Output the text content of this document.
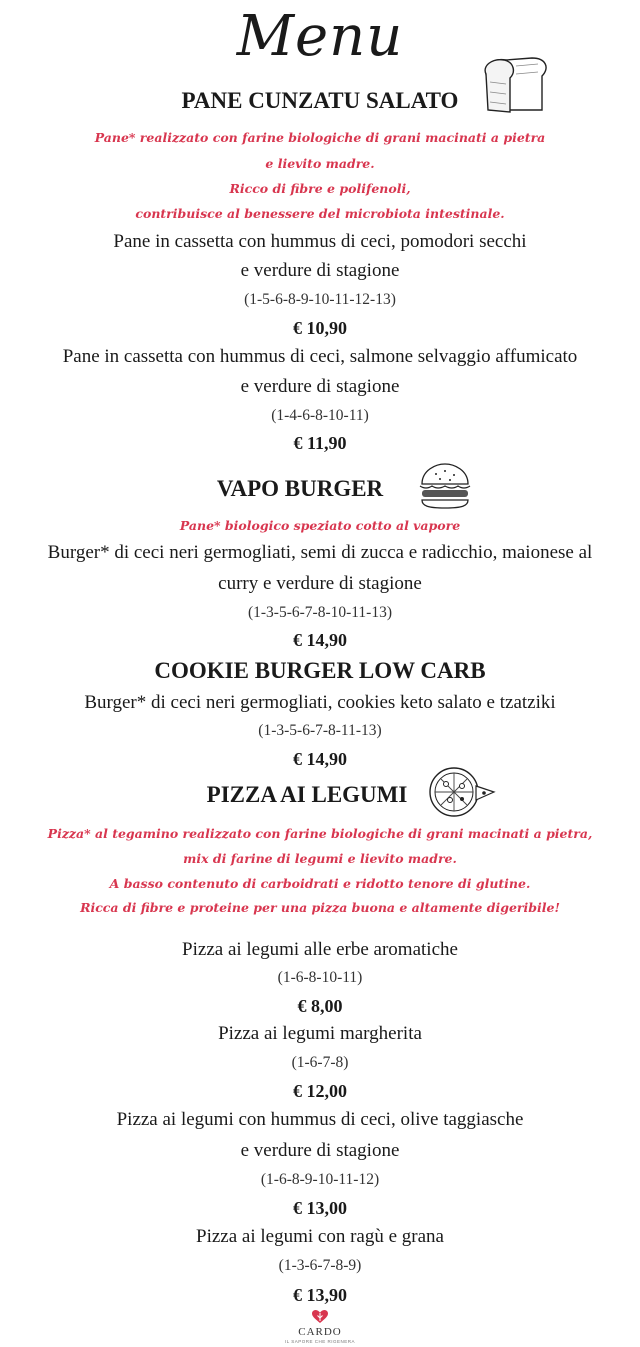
Menu
PANE CUNZATU SALATO
Pane* realizzato con farine biologiche di grani macinati a pietra
e lievito madre.
Ricco di fibre e polifenoli,
contribuisce al benessere del microbiota intestinale.
Pane in cassetta con hummus di ceci, pomodori secchi
e verdure di stagione
(1-5-6-8-9-10-11-12-13)
€ 10,90
Pane in cassetta con hummus di ceci, salmone selvaggio affumicato
e verdure di stagione
(1-4-6-8-10-11)
€ 11,90
VAPO BURGER
Pane* biologico speziato cotto al vapore
Burger* di ceci neri germogliati, semi di zucca e radicchio, maionese al
curry e verdure di stagione
(1-3-5-6-7-8-10-11-13)
€ 14,90
COOKIE BURGER LOW CARB
Burger* di ceci neri germogliati, cookies keto salato e tzatziki
(1-3-5-6-7-8-11-13)
€ 14,90
PIZZA AI LEGUMI
Pizza* al tegamino realizzato con farine biologiche di grani macinati a pietra,
mix di farine di legumi e lievito madre.
A basso contenuto di carboidrati e ridotto tenore di glutine.
Ricca di fibre e proteine per una pizza buona e altamente digeribile!
Pizza ai legumi alle erbe aromatiche
(1-6-8-10-11)
€ 8,00
Pizza ai legumi margherita
(1-6-7-8)
€ 12,00
Pizza ai legumi con hummus di ceci, olive taggiasche
e verdure di stagione
(1-6-8-9-10-11-12)
€ 13,00
Pizza ai legumi con ragù e grana
(1-3-6-7-8-9)
€ 13,90
CARDO
IL SAPORE CHE RIGENERA
